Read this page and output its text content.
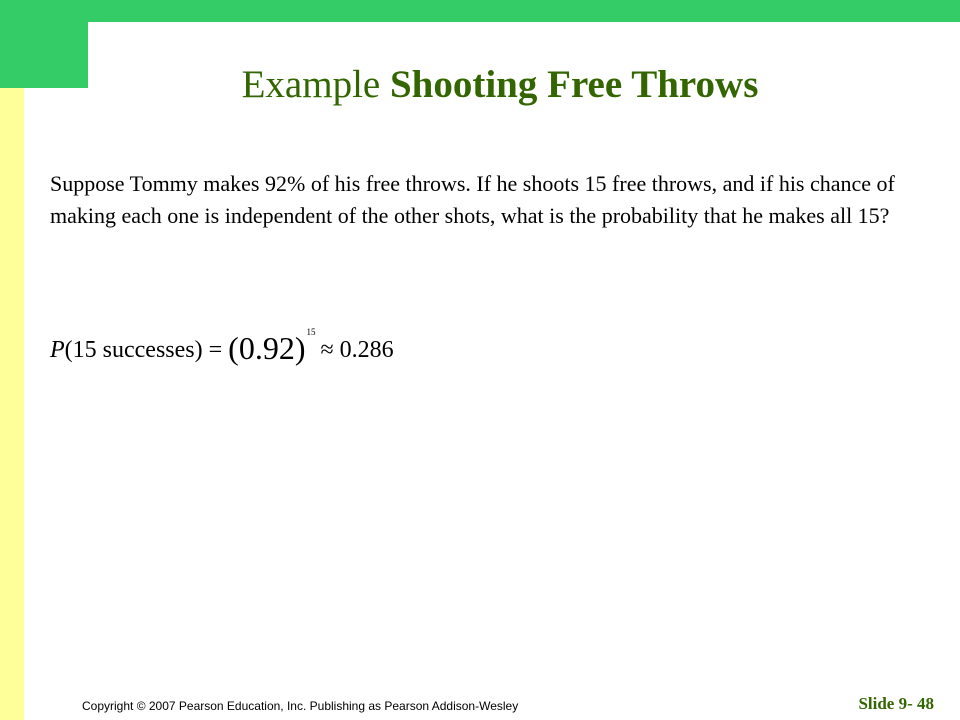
Example Shooting Free Throws

Suppose Tommy makes 92% of his free throws. If he shoots 15 free throws, and if his chance of making each one is independent of the other shots, what is the probability that he makes all 15?

P(15 successes) = $(0.92)^{15} \approx 0.286$
Copyright © 2007 Pearson Education, Inc. Publishing as Pearson Addison-Wesley	Slide 9- 48
